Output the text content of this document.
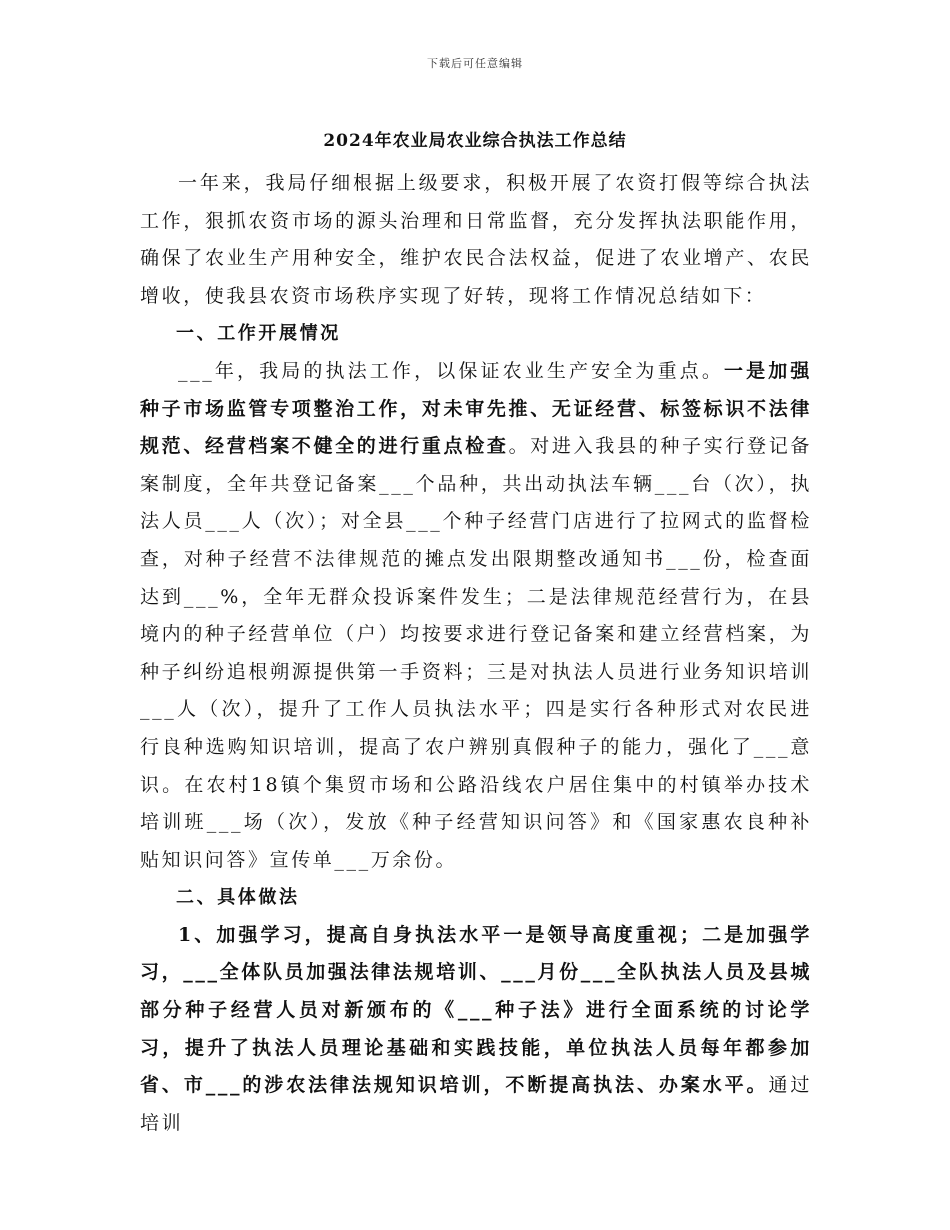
下载后可任意编辑
2024年农业局农业综合执法工作总结

一年来，我局仔细根据上级要求，积极开展了农资打假等综合执法工作，狠抓农资市场的源头治理和日常监督，充分发挥执法职能作用，确保了农业生产用种安全，维护农民合法权益，促进了农业增产、农民增收，使我县农资市场秩序实现了好转，现将工作情况总结如下：

一、工作开展情况

___年，我局的执法工作，以保证农业生产安全为重点。一是加强种子市场监管专项整治工作，对未审先推、无证经营、标签标识不法律规范、经营档案不健全的进行重点检查。对进入我县的种子实行登记备案制度，全年共登记备案___个品种，共出动执法车辆___台（次），执法人员___人（次）；对全县___个种子经营门店进行了拉网式的监督检查，对种子经营不法律规范的摊点发出限期整改通知书___份，检查面达到___%，全年无群众投诉案件发生；二是法律规范经营行为，在县境内的种子经营单位（户）均按要求进行登记备案和建立经营档案，为种子纠纷追根朔源提供第一手资料；三是对执法人员进行业务知识培训___人（次），提升了工作人员执法水平；四是实行各种形式对农民进行良种选购知识培训，提高了农户辨别真假种子的能力，强化了___意识。在农村18镇个集贸市场和公路沿线农户居住集中的村镇举办技术培训班___场（次），发放《种子经营知识问答》和《国家惠农良种补贴知识问答》宣传单___万余份。

二、具体做法

1、加强学习，提高自身执法水平一是领导高度重视；二是加强学习，___全体队员加强法律法规培训、___月份___全队执法人员及县城部分种子经营人员对新颁布的《___种子法》进行全面系统的讨论学习，提升了执法人员理论基础和实践技能，单位执法人员每年都参加省、市___的涉农法律法规知识培训，不断提高执法、办案水平。通过培训
